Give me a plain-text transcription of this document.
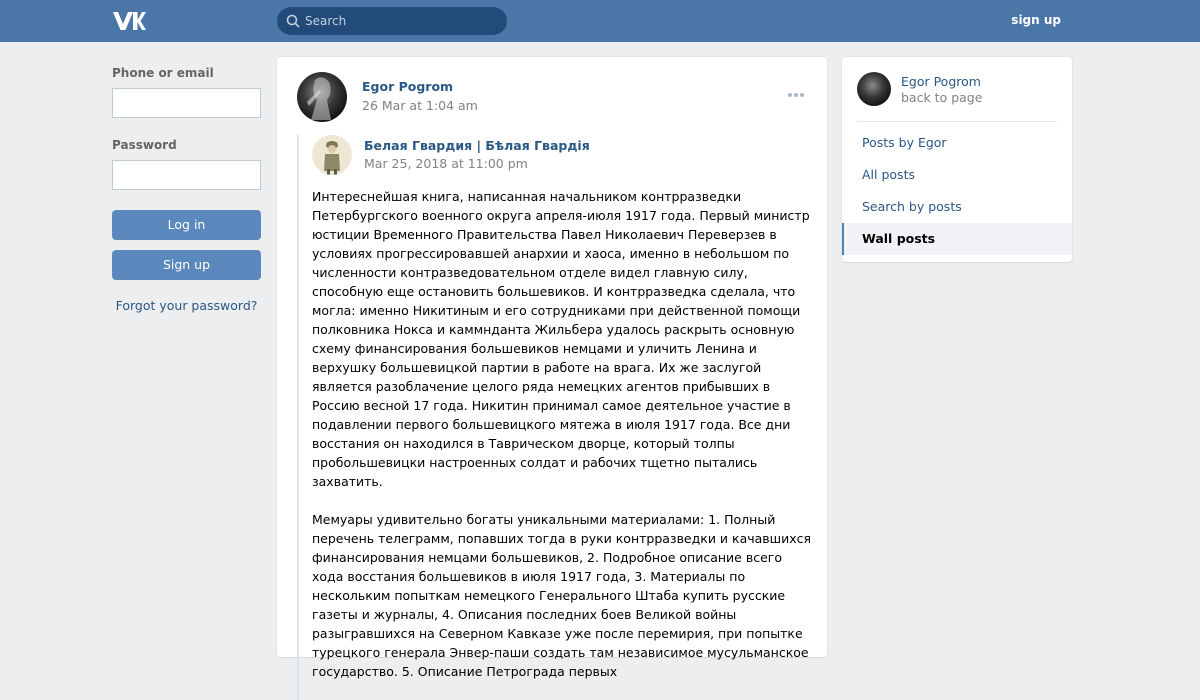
Search
sign up
Phone or email
Password
Log in
Sign up
Forgot your password?
Egor Pogrom
26 Mar at 1:04 am
Белая Гвардия | Бѣлая Гвардія
Mar 25, 2018 at 11:00 pm

Интереснейшая книга, написанная начальником контрразведки Петербургского военного округа апреля-июля 1917 года. Первый министр юстиции Временного Правительства Павел Николаевич Переверзев в условиях прогрессировавшей анархии и хаоса, именно в небольшом по численности контразведовательном отделе видел главную силу, способную еще остановить большевиков. И контрразведка сделала, что могла: именно Никитиным и его сотрудниками при действенной помощи полковника Нокса и каммнданта Жильбера удалось раскрыть основную схему финансирования большевиков немцами и уличить Ленина и верхушку большевицкой партии в работе на врага. Их же заслугой является разоблачение целого ряда немецких агентов прибывших в Россию весной 17 года. Никитин принимал самое деятельное участие в подавлении первого большевицкого мятежа в июля 1917 года. Все дни восстания он находился в Таврическом дворце, который толпы пробольшевицки настроенных солдат и рабочих тщетно пытались захватить.

Мемуары удивительно богаты уникальными материалами: 1. Полный перечень телеграмм, попавших тогда в руки контрразведки и качавшихся финансирования немцами большевиков, 2. Подробное описание всего хода восстания большевиков в июля 1917 года, 3. Материалы по нескольким попыткам немецкого Генерального Штаба купить русские газеты и журналы, 4. Описания последних боев Великой войны разыгравшихся на Северном Кавказе уже после перемирия, при попытке турецкого генерала Энвер-паши создать там независимое мусульманское государство. 5. Описание Петрограда первых

Egor Pogrom
back to page
Posts by Egor
All posts
Search by posts
Wall posts
